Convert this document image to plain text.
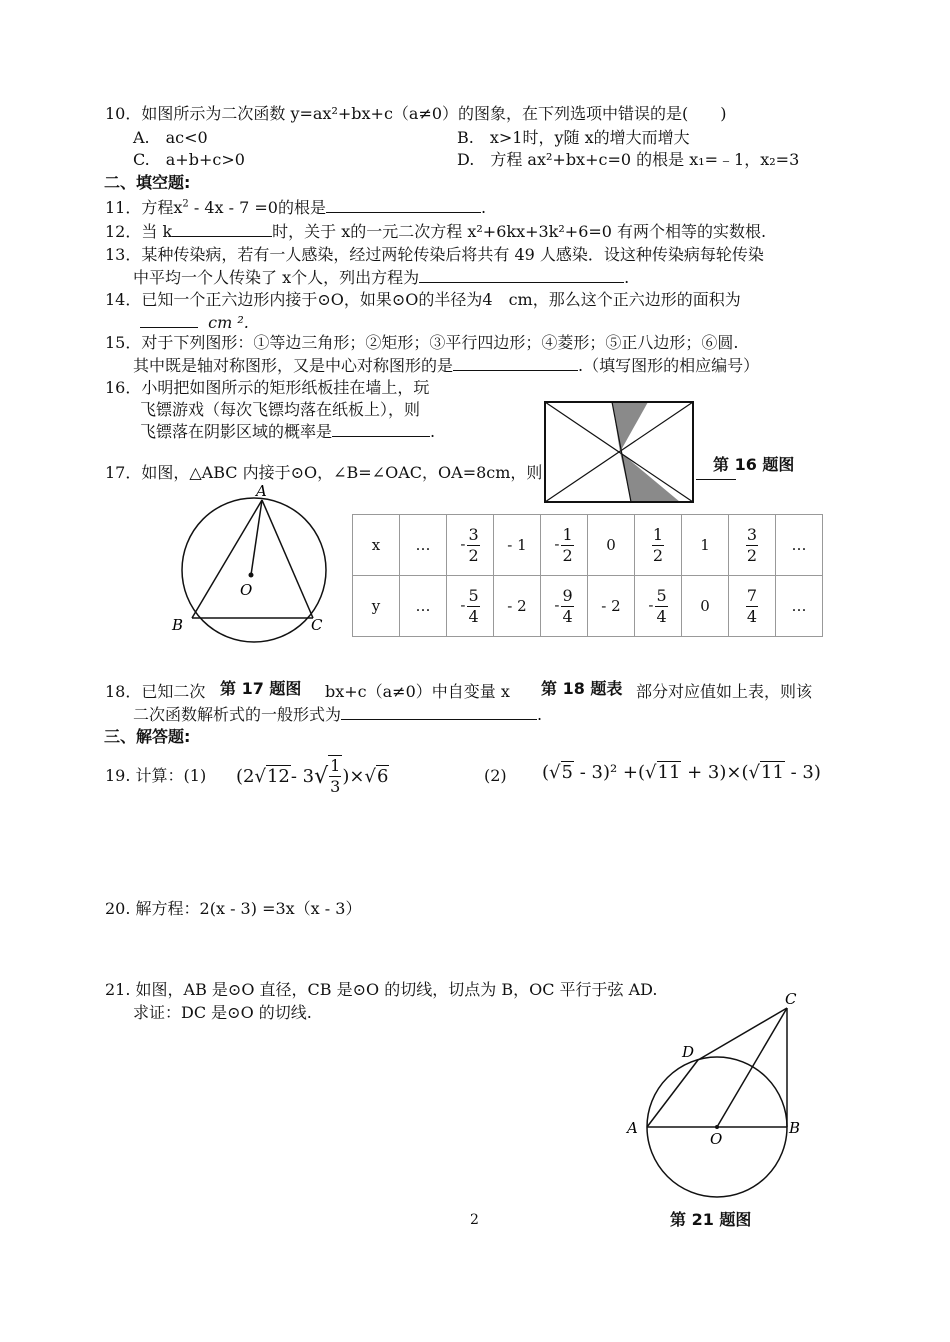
10．如图所示为二次函数 y=ax²+bx+c（a≠0）的图象，在下列选项中错误的是(　　)
A.　ac<0	B.　x>1时，y随 x的增大而增大
C.　a+b+c>0	D.　方程 ax²+bx+c=0 的根是 x₁=﹣1，x₂=3
二、填空题:
11．方程$x^2 - 4x - 7 =0$的根是	.
12．当 k	时，关于 x的一元二次方程 x²+6kx+3k²+6=0 有两个相等的实数根.
13．某种传染病，若有一人感染，经过两轮传染后将共有 49 人感染．设这种传染病每轮传染
中平均一个人传染了 x个人，列出方程为	.
14．已知一个正六边形内接于⊙O，如果⊙O的半径为4　cm，那么这个正六边形的面积为
cm ².
15．对于下列图形：①等边三角形；②矩形；③平行四边形；④菱形；⑤正八边形；⑥圆.
其中既是轴对称图形，又是中心对称图形的是	.（填写图形的相应编号）
16．小明把如图所示的矩形纸板挂在墙上，玩
飞镖游戏（每次飞镖均落在纸板上），则
飞镖落在阴影区域的概率是	.
第 16 题图
17．如图，△ABC 内接于⊙O，∠B=∠OAC，OA=8cm，则
A
O
B	C
x	…	- $\frac{3}{2}$	- 1	- $\frac{1}{2}$	0	$\frac{1}{2}$	1	$\frac{3}{2}$	…
y	…	- $\frac{5}{4}$	- 2	- $\frac{9}{4}$	- 2	- $\frac{5}{4}$	0	$\frac{7}{4}$	…
18．已知二次	bx+c（a≠0）中自变量 x	部分对应值如上表，则该
第 17 题图	第 18 题表
二次函数解析式的一般形式为	.
三、解答题:
19. 计算：(1) (2 √ 12 - 3 √ $\frac{1}{3}$ )× √ 6	(2) (√5 - 3)² +(√11 + 3)×(√11 - 3)
20. 解方程：2(x - 3) =3x（x - 3）
21. 如图，AB 是⊙O 直径，CB 是⊙O 的切线，切点为 B，OC 平行于弦 AD.
求证：DC 是⊙O 的切线.
C
D
A	B
O
第 21 题图
2
